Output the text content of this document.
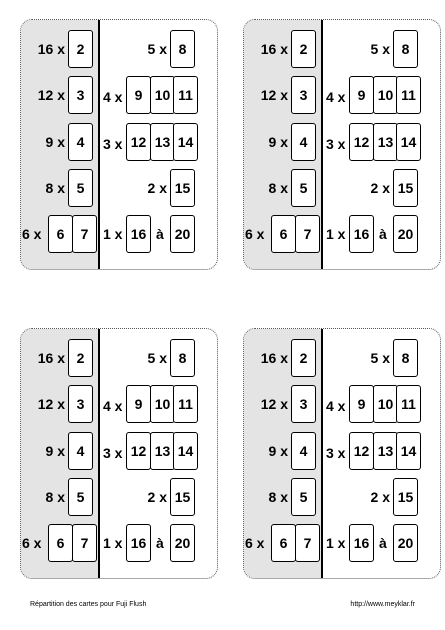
16 x 2
12 x 3
9 x 4
8 x 5
6 x	6	7
5 x 8
4 x 9 10 11
3 x 12 13 14
2 x 15
1 x 16 à 20
16 x 2
12 x 3
9 x 4
8 x 5
6 x	6	7
5 x 8
4 x 9 10 11
3 x 12 13 14
2 x 15
1 x 16 à 20
16 x 2
12 x 3
9 x 4
8 x 5
6 x	6	7
5 x 8
4 x 9 10 11
3 x 12 13 14
2 x 15
1 x 16 à 20
16 x 2
12 x 3
9 x 4
8 x 5
6 x	6	7
5 x 8
4 x 9 10 11
3 x 12 13 14
2 x 15
1 x 16 à 20
Répartition des cartes pour Fuji Flush	http://www.meyklar.fr
